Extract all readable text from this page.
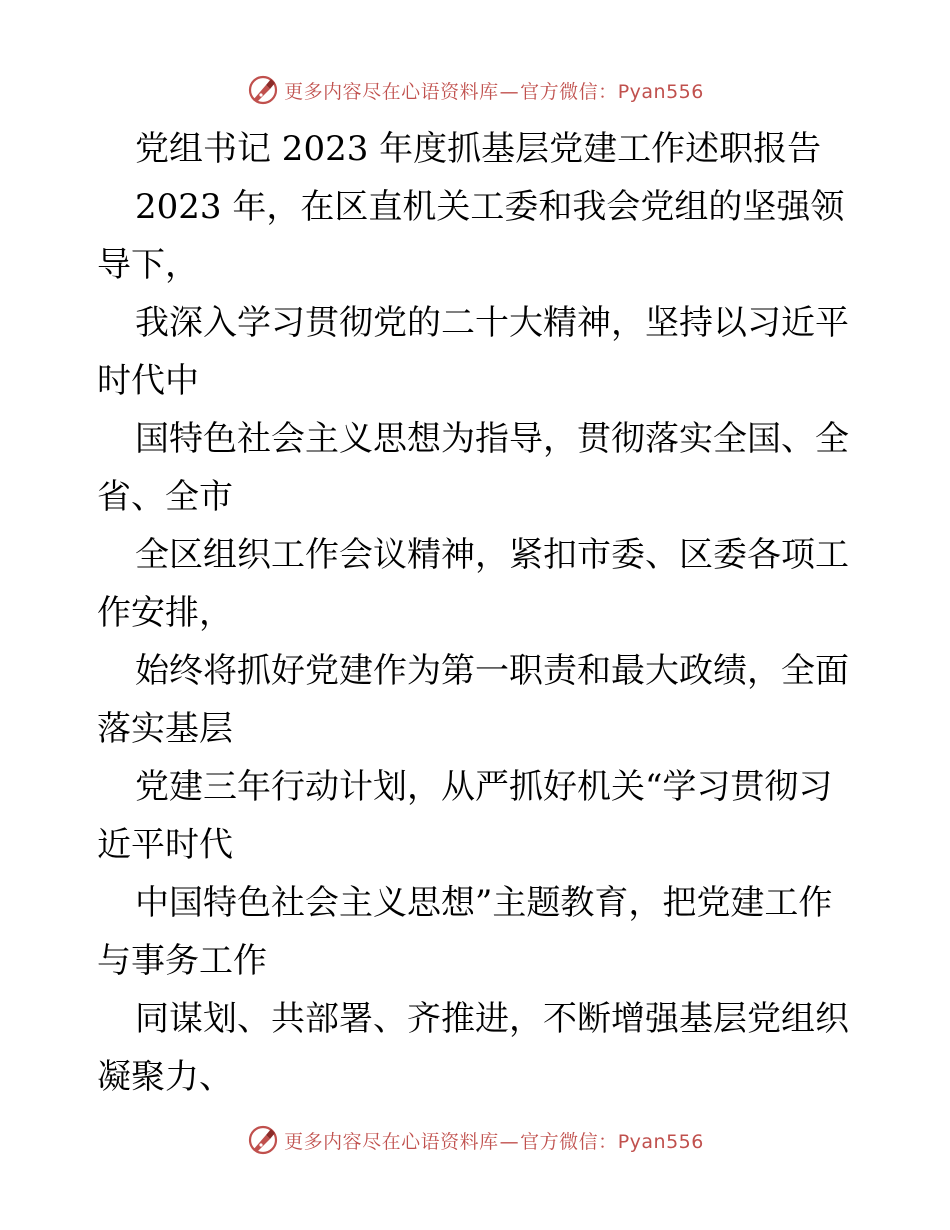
更多内容尽在心语资料库—官方微信：Pyan556
党组书记 2023 年度抓基层党建工作述职报告
2023 年，在区直机关工委和我会党组的坚强领
导下，
我深入学习贯彻党的二十大精神，坚持以习近平
时代中
国特色社会主义思想为指导，贯彻落实全国、全
省、全市
全区组织工作会议精神，紧扣市委、区委各项工
作安排，
始终将抓好党建作为第一职责和最大政绩，全面
落实基层
党建三年行动计划，从严抓好机关“学习贯彻习
近平时代
中国特色社会主义思想”主题教育，把党建工作
与事务工作
同谋划、共部署、齐推进，不断增强基层党组织
凝聚力、
更多内容尽在心语资料库—官方微信：Pyan556
